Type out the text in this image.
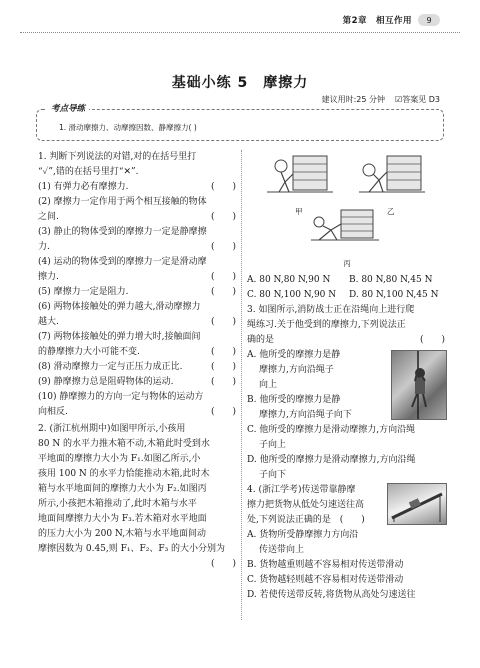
第2章　相互作用	9
基础小练 5　摩擦力
建议用时:25 分钟 ☑答案见 D3
考点导练
1. 滑动摩擦力、动摩擦因数、静摩擦力( )
1. 判断下列说法的对错,对的在括号里打
“✓”,错的在括号里打“✕”.
(1) 有弹力必有摩擦力.	(　　)
(2) 摩擦力一定作用于两个相互接触的物体
之间.	(　　)
(3) 静止的物体受到的摩擦力一定是静摩擦
力.	(　　)
(4) 运动的物体受到的摩擦力一定是滑动摩
擦力.	(　　)
(5) 摩擦力一定是阻力.	(　　)
(6) 两物体接触处的弹力越大,滑动摩擦力
越大.	(　　)
(7) 两物体接触处的弹力增大时,接触面间
的静摩擦力大小可能不变.	(　　)
(8) 滑动摩擦力一定与正压力成正比.	(　　)
(9) 静摩擦力总是阻碍物体的运动.	(　　)
(10) 静摩擦力的方向一定与物体的运动方
向相反.	(　　)
2. (浙江杭州期中)如图甲所示,小孩用
80 N 的水平力推木箱不动,木箱此时受到水
平地面的摩擦力大小为 F₁.如图乙所示,小
孩用 100 N 的水平力恰能推动木箱,此时木
箱与水平地面间的摩擦力大小为 F₂.如图丙
所示,小孩把木箱推动了,此时木箱与水平
地面间摩擦力大小为 F₃.若木箱对水平地面
的压力大小为 200 N,木箱与水平地面间动
摩擦因数为 0.45,则 F₁、F₂、F₃ 的大小分别为
(　　)
甲	乙
丙
A. 80 N,80 N,90 N	B. 80 N,80 N,45 N
C. 80 N,100 N,90 N	D. 80 N,100 N,45 N
3. 如图所示,消防战士正在沿绳向上进行爬
绳练习.关于他受到的摩擦力,下列说法正
确的是	(　　)
A. 他所受的摩擦力是静
摩擦力,方向沿绳子
向上
B. 他所受的摩擦力是静
摩擦力,方向沿绳子向下
C. 他所受的摩擦力是滑动摩擦力,方向沿绳
子向上
D. 他所受的摩擦力是滑动摩擦力,方向沿绳
子向下
4. (浙江学考)传送带靠静摩
擦力把货物从低处匀速送往高
处,下列说法正确的是 (　　)
A. 货物所受静摩擦力方向沿
传送带向上
B. 货物越重则越不容易相对传送带滑动
C. 货物越轻则越不容易相对传送带滑动
D. 若使传送带反转,将货物从高处匀速送往
